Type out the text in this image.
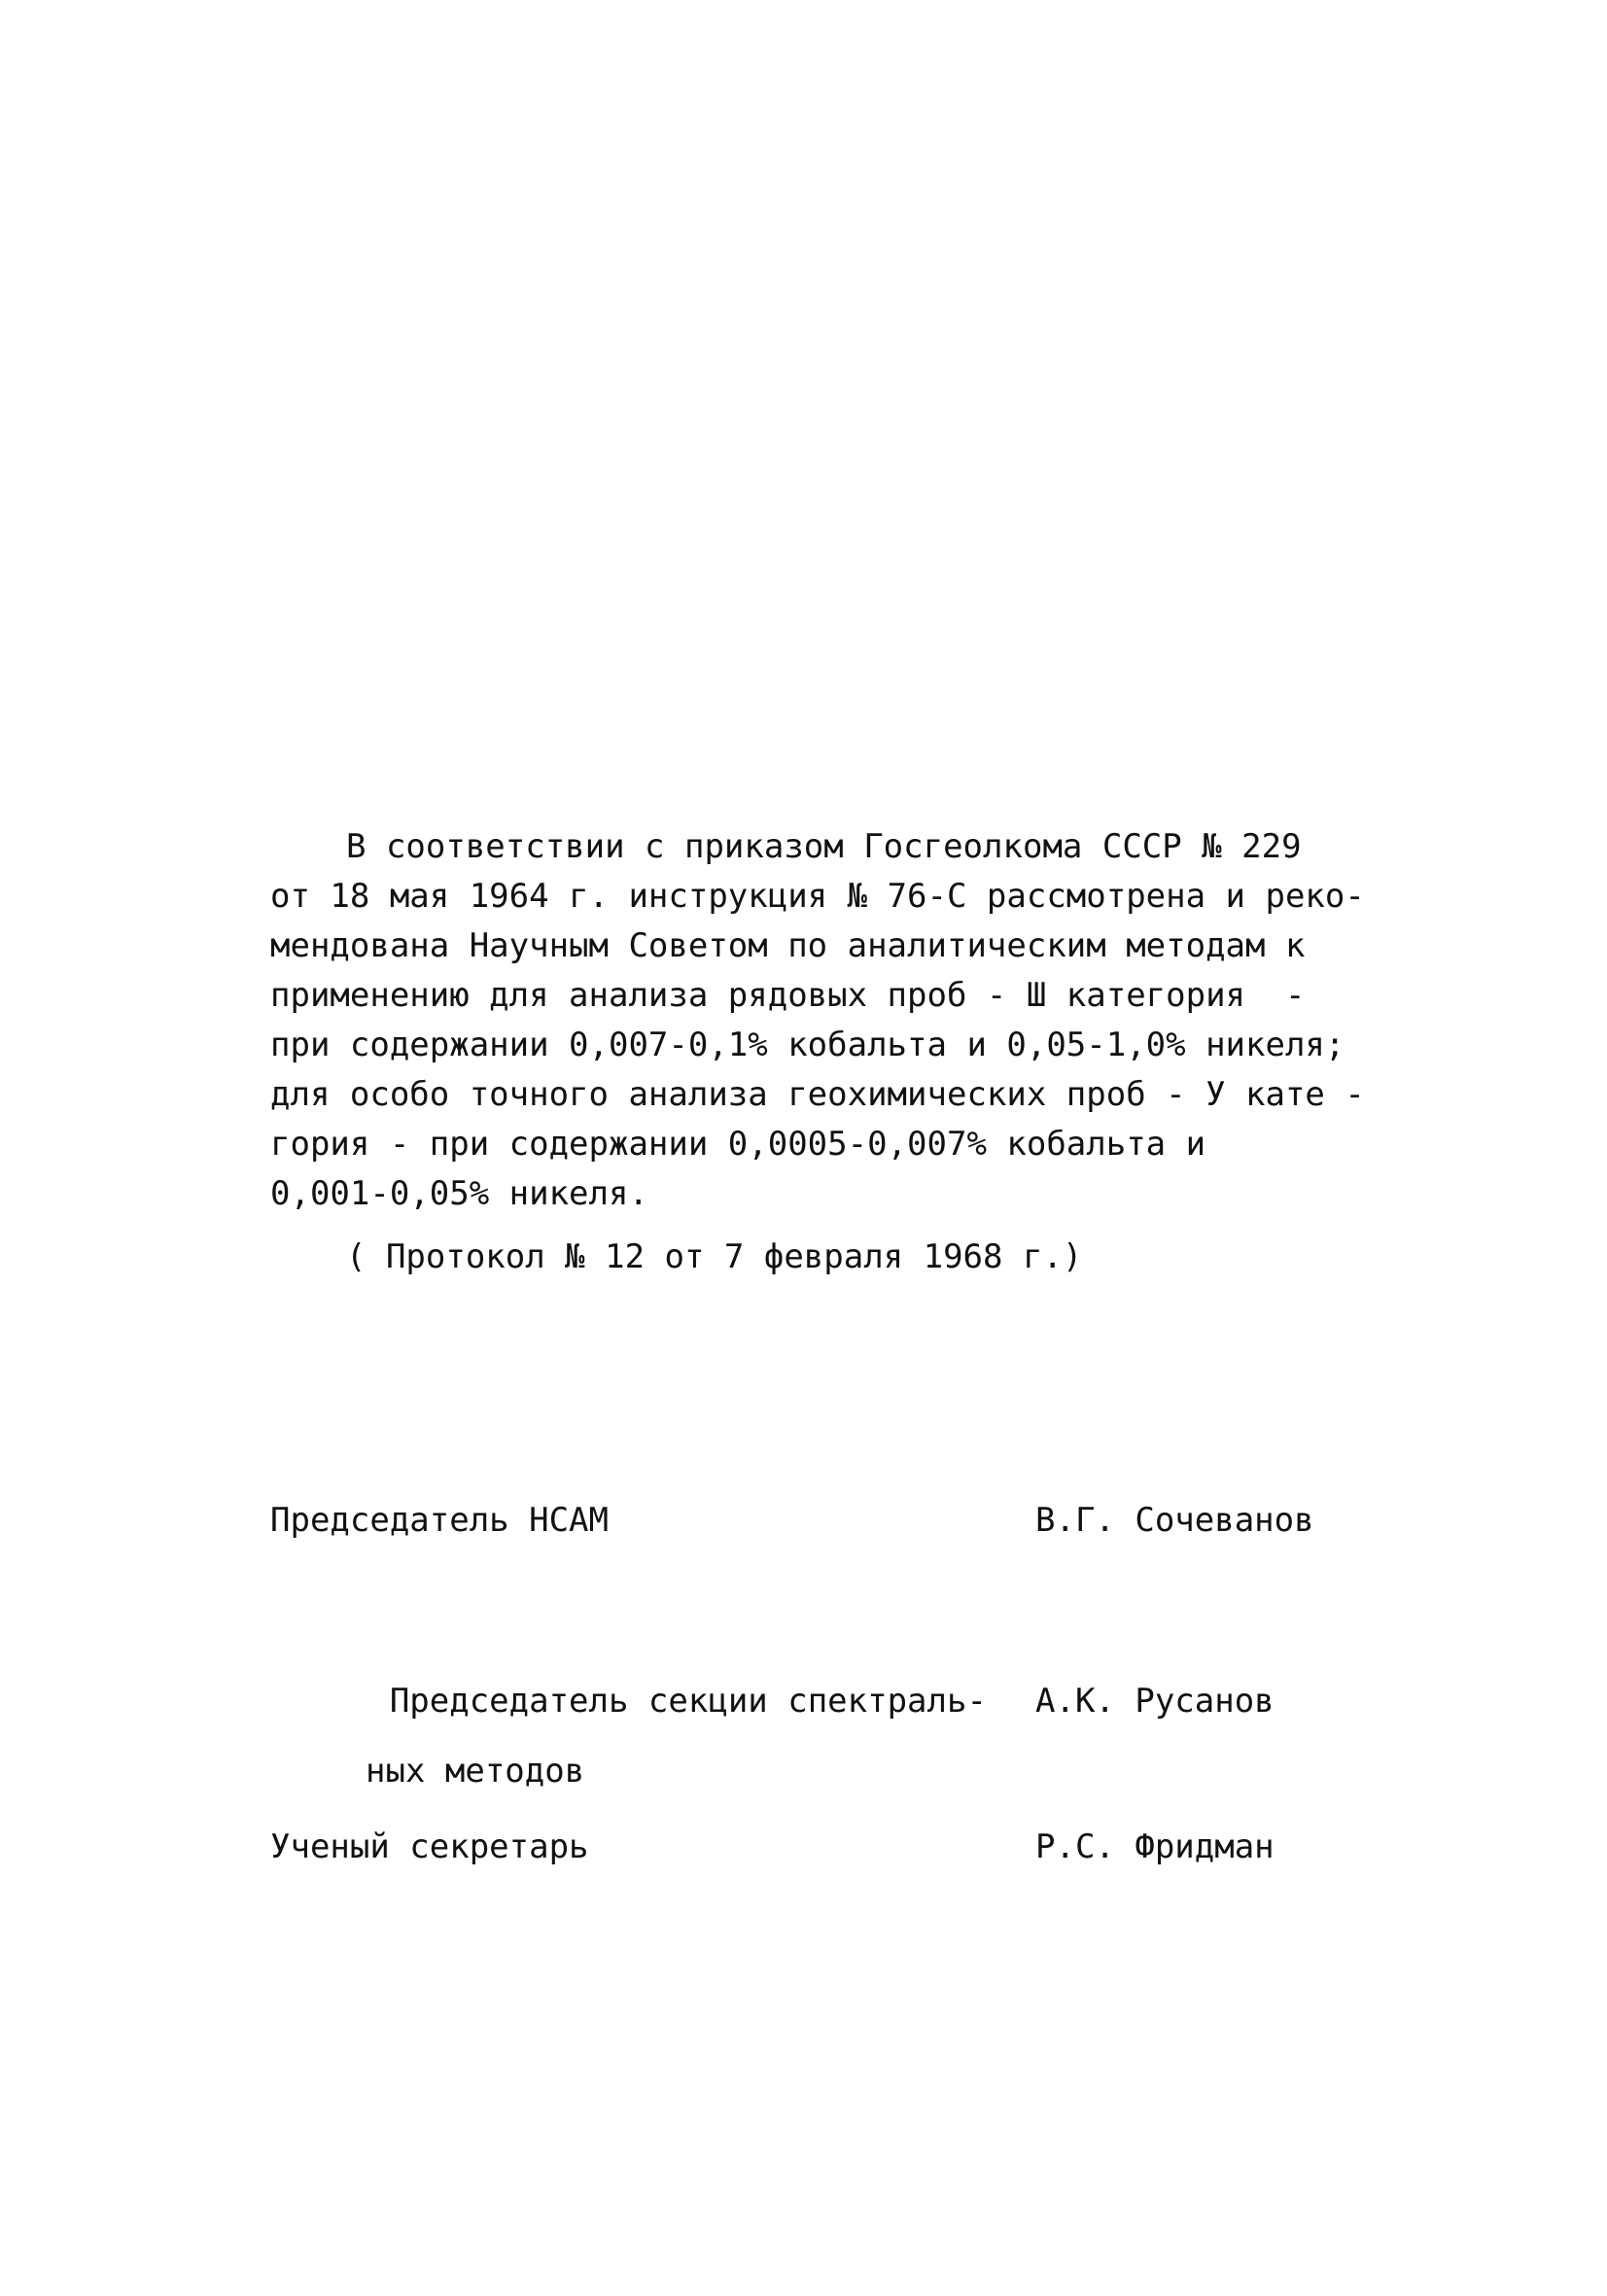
В соответствии с приказом Госгеолкома СССР № 229
от 18 мая 1964 г. инструкция № 76-С рассмотрена и реко-
мендована Научным Советом по аналитическим методам к
применению для анализа рядовых проб - Ш категория  -
при содержании 0,007-0,1% кобальта и 0,05-1,0% никеля;
для особо точного анализа геохимических проб - У кате -
гория - при содержании 0,0005-0,007% кобальта и
0,001-0,05% никеля.
( Протокол № 12 от 7 февраля 1968 г.)
Председатель НСАМ	В.Г. Сочеванов

Председатель секции спектраль-

ных методов

А.К. Русанов
Ученый секретарь	Р.С. Фридман
